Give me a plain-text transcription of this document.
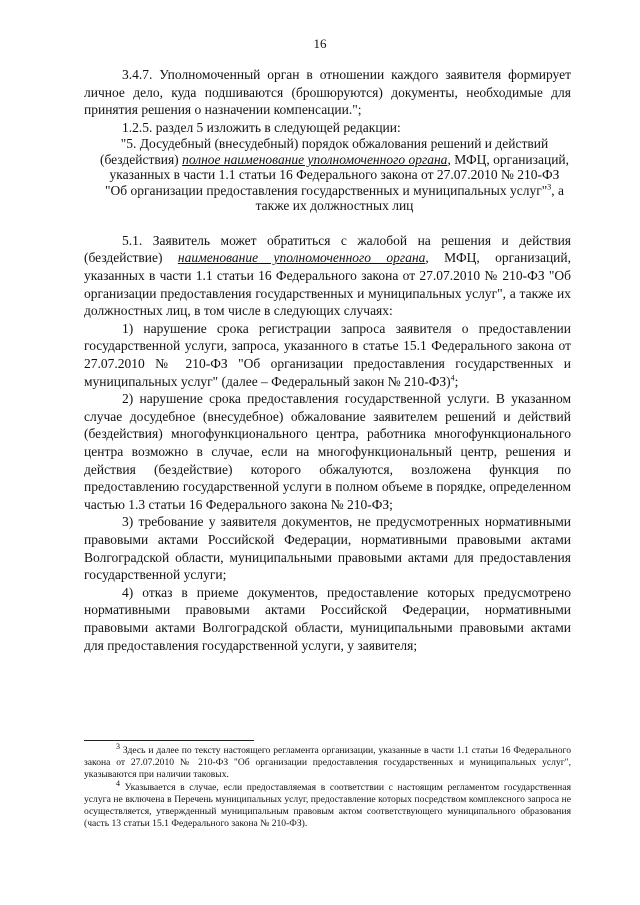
16

3.4.7. Уполномоченный орган в отношении каждого заявителя формирует личное дело, куда подшиваются (брошюруются) документы, необходимые для принятия решения о назначении компенсации.";

1.2.5. раздел 5 изложить в следующей редакции:

"5. Досудебный (внесудебный) порядок обжалования решений и действий (бездействия) полное наименование уполномоченного органа, МФЦ, организаций, указанных в части 1.1 статьи 16 Федерального закона от 27.07.2010 № 210-ФЗ "Об организации предоставления государственных и муниципальных услуг"$^3$, а также их должностных лиц

5.1. Заявитель может обратиться с жалобой на решения и действия (бездействие) наименование уполномоченного органа, МФЦ, организаций, указанных в части 1.1 статьи 16 Федерального закона от 27.07.2010 № 210-ФЗ "Об организации предоставления государственных и муниципальных услуг", а также их должностных лиц, в том числе в следующих случаях:

1) нарушение срока регистрации запроса заявителя о предоставлении государственной услуги, запроса, указанного в статье 15.1 Федерального закона от 27.07.2010 № 210-ФЗ "Об организации предоставления государственных и муниципальных услуг" (далее – Федеральный закон № 210-ФЗ)$^4$;

2) нарушение срока предоставления государственной услуги. В указанном случае досудебное (внесудебное) обжалование заявителем решений и действий (бездействия) многофункционального центра, работника многофункционального центра возможно в случае, если на многофункциональный центр, решения и действия (бездействие) которого обжалуются, возложена функция по предоставлению государственной услуги в полном объеме в порядке, определенном частью 1.3 статьи 16 Федерального закона № 210-ФЗ;

3) требование у заявителя документов, не предусмотренных нормативными правовыми актами Российской Федерации, нормативными правовыми актами Волгоградской области, муниципальными правовыми актами для предоставления государственной услуги;

4) отказ в приеме документов, предоставление которых предусмотрено нормативными правовыми актами Российской Федерации, нормативными правовыми актами Волгоградской области, муниципальными правовыми актами для предоставления государственной услуги, у заявителя;

$^3$ Здесь и далее по тексту настоящего регламента организации, указанные в части 1.1 статьи 16 Федерального закона от 27.07.2010 № 210-ФЗ "Об организации предоставления государственных и муниципальных услуг", указываются при наличии таковых.

$^4$ Указывается в случае, если предоставляемая в соответствии с настоящим регламентом государственная услуга не включена в Перечень муниципальных услуг, предоставление которых посредством комплексного запроса не осуществляется, утвержденный муниципальным правовым актом соответствующего муниципального образования (часть 13 статьи 15.1 Федерального закона № 210-ФЗ).
